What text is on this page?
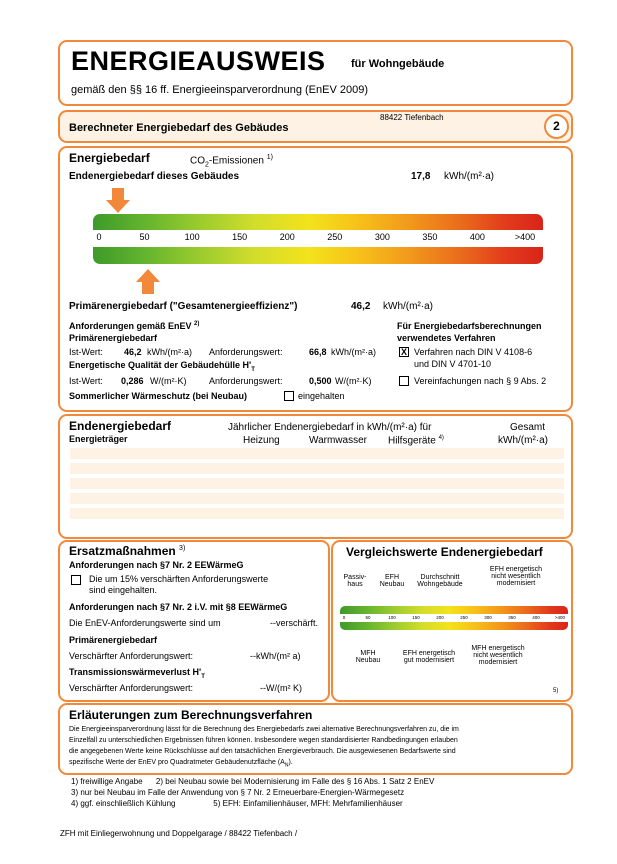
ENERGIEAUSWEIS für Wohngebäude
gemäß den §§ 16 ff. Energieeinsparverordnung (EnEV 2009)
Berechneter Energiebedarf des Gebäudes
88422 Tiefenbach
2
Energiebedarf	$CO_2$-Emissionen $^{1)}$
Endenergiebedarf dieses Gebäudes	17,8 kWh/(m²·a)
0	50	100	150	200	250	300	350	400	>400
Primärenergiebedarf ("Gesamtenergieeffizienz")	46,2 kWh/(m²·a)
Anforderungen gemäß EnEV $^{2)}$
Primärenergiebedarf
Ist-Wert: 46,2 kWh/(m²·a) Anforderungswert:	66,8 kWh/(m²·a)
Energetische Qualität der Gebäudehülle $H'_T$
Ist-Wert: 0,286 W/(m²·K)	Anforderungswert:	0,500 W/(m²·K)
Sommerlicher Wärmeschutz (bei Neubau)	eingehalten
Für Energiebedarfsberechnungen
verwendetes Verfahren
X Verfahren nach DIN V 4108-6
und DIN V 4701-10
Vereinfachungen nach § 9 Abs. 2
Endenergiebedarf
Energieträger
Jährlicher Endenergiebedarf in kWh/(m²·a) für
Heizung	Warmwasser Hilfsgeräte $^{4)}$
Gesamt
kWh/(m²·a)
Ersatzmaßnahmen $^{3)}$
Anforderungen nach §7 Nr. 2 EEWärmeG
Die um 15% verschärften Anforderungswerte
sind eingehalten.
Anforderungen nach §7 Nr. 2 i.V. mit §8 EEWärmeG
Die EnEV-Anforderungswerte sind um	--verschärft.
Primärenergiebedarf
Verschärfter Anforderungswert:	--kWh/(m² a)
Transmissionswärmeverlust $H'_T$
Verschärfter Anforderungswert:	--W/(m² K)
Vergleichswerte Endenergiebedarf
Passiv-
haus
EFH
Neubau
Durchschnitt
Wohngebäude
EFH energetisch
nicht wesentlich
modernisiert
0	50	100	150	200	250	300	350	400	>400
MFH
Neubau
EFH energetisch
gut modernisiert
MFH energetisch
nicht wesentlich
modernisiert
5)
Erläuterungen zum Berechnungsverfahren
Die Energieeinsparverordnung lässt für die Berechnung des Energiebedarfs zwei alternative Berechnungsverfahren zu, die im
Einzelfall zu unterschiedlichen Ergebnissen führen können. Insbesondere wegen standardisierter Randbedingungen erlauben
die angegebenen Werte keine Rückschlüsse auf den tatsächlichen Energieverbrauch. Die ausgewiesenen Bedarfswerte sind
spezifische Werte der EnEV pro Quadratmeter Gebäudenutzfläche $(A_N)$.
1) freiwillige Angabe      2) bei Neubau sowie bei Modernisierung im Falle des § 16 Abs. 1 Satz 2 EnEV
3) nur bei Neubau im Falle der Anwendung von § 7 Nr. 2 Erneuerbare-Energien-Wärmegesetz
4) ggf. einschließlich Kühlung                 5) EFH: Einfamilienhäuser, MFH: Mehrfamilienhäuser
ZFH mit Einliegerwohnung und Doppelgarage / 88422 Tiefenbach /
